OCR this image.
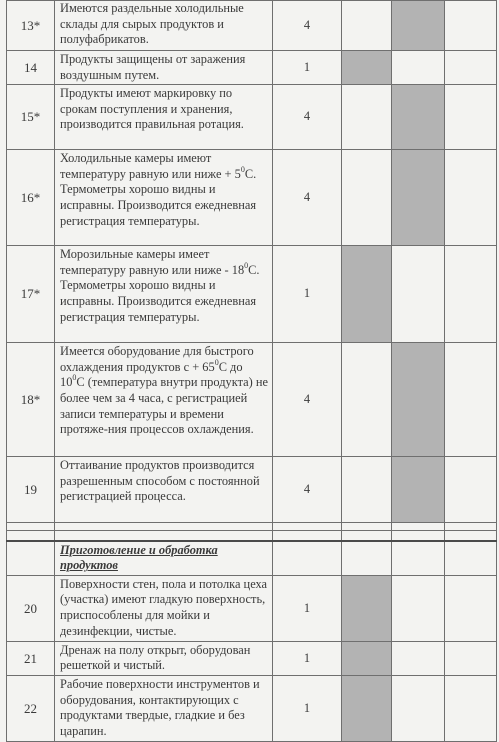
13*	Имеются раздельные холодильные склады для сырых продуктов и полуфабрикатов.	4			
14	Продукты защищены от заражения воздушным путем.	1			
15*	Продукты имеют маркировку по срокам поступления и хранения, производится правильная ротация.	4			
16*	Холодильные камеры имеют температуру равную или ниже + $5^0С$. Термометры хорошо видны и исправны. Производится ежедневная регистрация температуры.	4			
17*	Морозильные камеры имеет температуру равную или ниже - $18^0С$. Термометры хорошо видны и исправны. Производится ежедневная регистрация температуры.	1			
18*	Имеется оборудование для быстрого охлаждения продуктов $с + 65^0С$ до $10^0С$ (температура внутри продукта) не более чем за 4 часа, с регистрацией записи температуры и времени протяже-ния процессов охлаждения.	4			
19	Оттаивание продуктов производится разрешенным способом с постоянной регистрацией процесса.	4			

	Приготовление и обработка продуктов				
20	Поверхности стен, пола и потолка цеха (участка) имеют гладкую поверхность, приспособлены для мойки и дезинфекции, чистые.	1			
21	Дренаж на полу открыт, оборудован решеткой и чистый.	1			
22	Рабочие поверхности инструментов и оборудования, контактирующих с продуктами твердые, гладкие и без царапин.	1			
